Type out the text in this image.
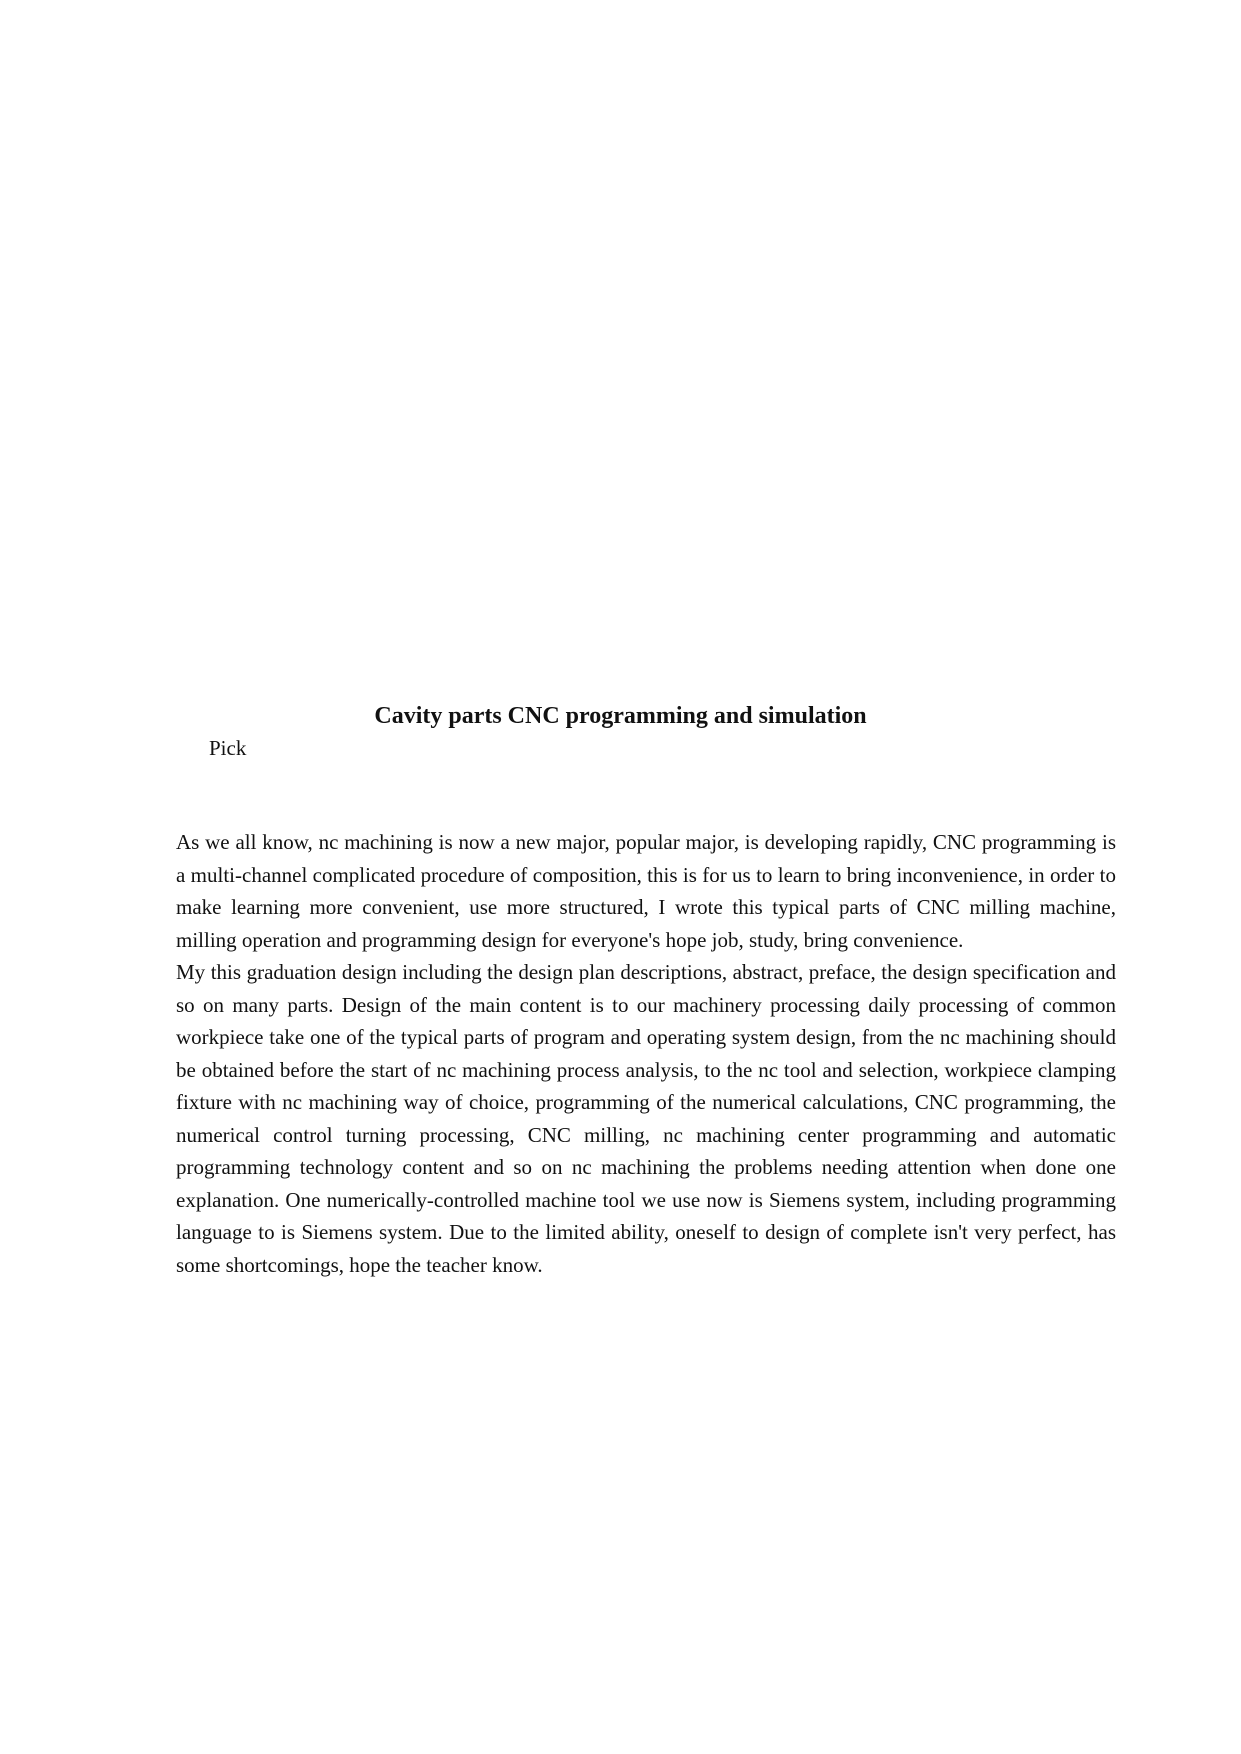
Cavity parts CNC programming and simulation
Pick

As we all know, nc machining is now a new major, popular major, is developing rapidly, CNC programming is a multi-channel complicated procedure of composition, this is for us to learn to bring inconvenience, in order to make learning more convenient, use more structured, I wrote this typical parts of CNC milling machine, milling operation and programming design for everyone's hope job, study, bring convenience.

My this graduation design including the design plan descriptions, abstract, preface, the design specification and so on many parts. Design of the main content is to our machinery processing daily processing of common workpiece take one of the typical parts of program and operating system design, from the nc machining should be obtained before the start of nc machining process analysis, to the nc tool and selection, workpiece clamping fixture with nc machining way of choice, programming of the numerical calculations, CNC programming, the numerical control turning processing, CNC milling, nc machining center programming and automatic programming technology content and so on nc machining the problems needing attention when done one explanation. One numerically-controlled machine tool we use now is Siemens system, including programming language to is Siemens system. Due to the limited ability, oneself to design of complete isn't very perfect, has some shortcomings, hope the teacher know.
